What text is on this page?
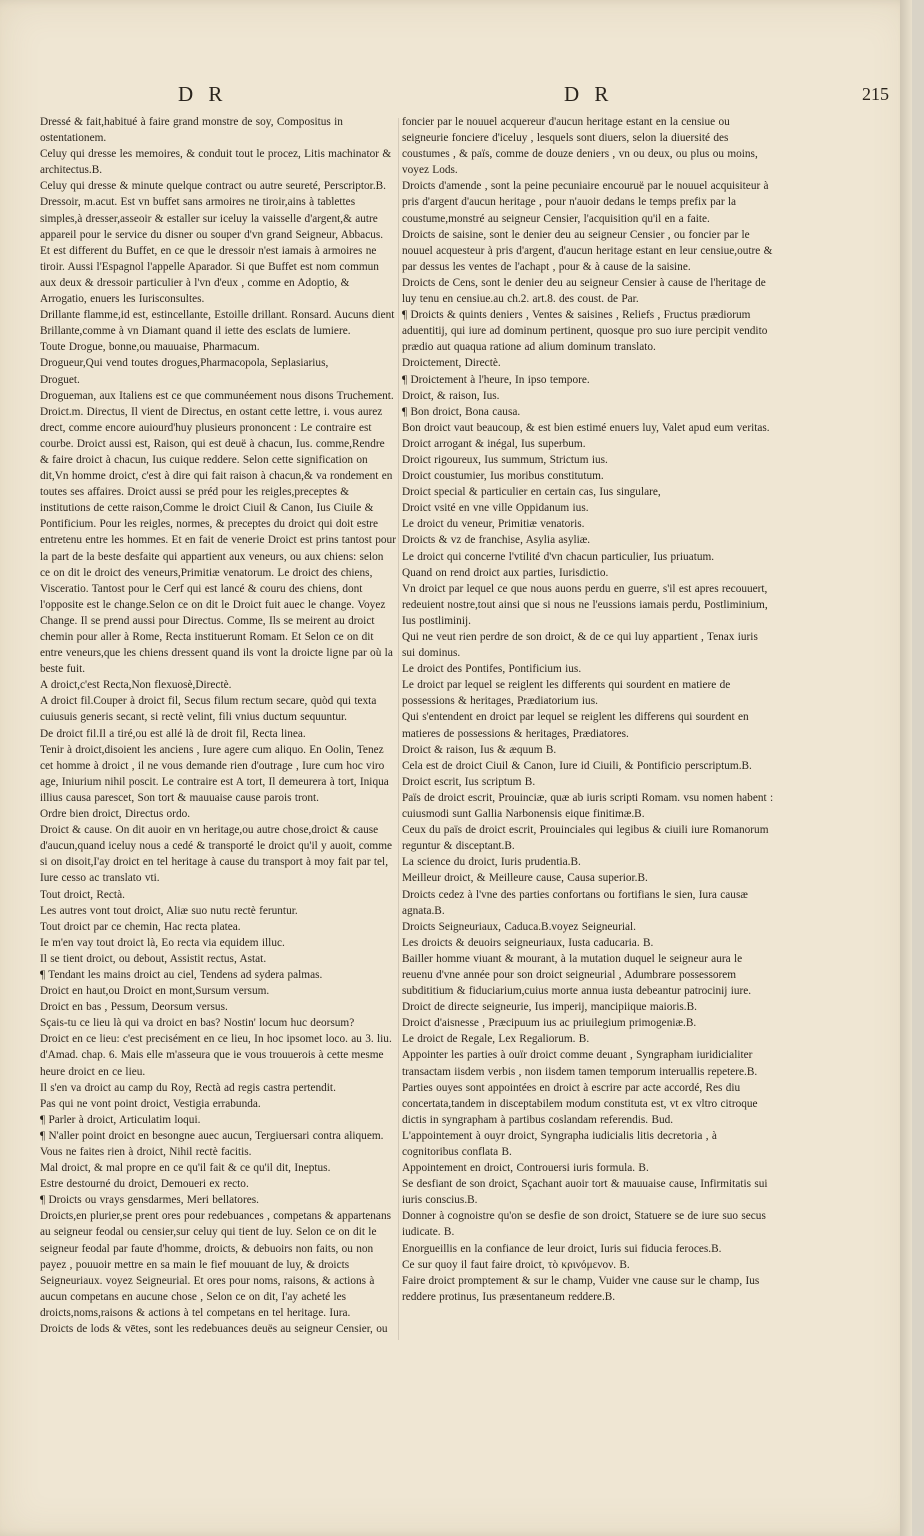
D R	D R	215

Dressé & fait,habitué à faire grand monstre de soy, Compositus in ostentationem.

Celuy qui dresse les memoires, & conduit tout le procez, Litis machinator & architectus.B.

Celuy qui dresse & minute quelque contract ou autre seureté, Perscriptor.B.

Dressoir, m.acut. Est vn buffet sans armoires ne tiroir,ains à tablettes simples,à dresser,asseoir & estaller sur iceluy la vaisselle d'argent,& autre appareil pour le service du disner ou souper d'vn grand Seigneur, Abbacus. Et est different du Buffet, en ce que le dressoir n'est iamais à armoires ne tiroir. Aussi l'Espagnol l'appelle Aparador. Si que Buffet est nom commun aux deux & dressoir particulier à l'vn d'eux , comme en Adoptio, & Arrogatio, enuers les Iurisconsultes.

Drillante flamme,id est, estincellante, Estoille drillant. Ronsard. Aucuns dient Brillante,comme à vn Diamant quand il iette des esclats de lumiere.

Toute Drogue, bonne,ou mauuaise, Pharmacum.

Drogueur,Qui vend toutes drogues,Pharmacopola, Seplasiarius,

Droguet.

Drogueman, aux Italiens est ce que communéement nous disons Truchement.

Droict.m. Directus, Il vient de Directus, en ostant cette lettre, i. vous aurez drect, comme encore auiourd'huy plusieurs prononcent : Le contraire est courbe. Droict aussi est, Raison, qui est deuë à chacun, Ius. comme,Rendre & faire droict à chacun, Ius cuique reddere. Selon cette signification on dit,Vn homme droict, c'est à dire qui fait raison à chacun,& va rondement en toutes ses affaires. Droict aussi se préd pour les reigles,preceptes & institutions de cette raison,Comme le droict Ciuil & Canon, Ius Ciuile & Pontificium. Pour les reigles, normes, & preceptes du droict qui doit estre entretenu entre les hommes. Et en fait de venerie Droict est prins tantost pour la part de la beste desfaite qui appartient aux veneurs, ou aux chiens: selon ce on dit le droict des veneurs,Primitiæ venatorum. Le droict des chiens, Visceratio. Tantost pour le Cerf qui est lancé & couru des chiens, dont l'opposite est le change.Selon ce on dit le Droict fuit auec le change. Voyez Change. Il se prend aussi pour Directus. Comme, Ils se meirent au droict chemin pour aller à Rome, Recta instituerunt Romam. Et Selon ce on dit entre veneurs,que les chiens dressent quand ils vont la droicte ligne par où la beste fuit.

A droict,c'est Recta,Non flexuosè,Directè.

A droict fil.Couper à droict fil, Secus filum rectum secare, quòd qui texta cuiusuis generis secant, si rectè velint, fili vnius ductum sequuntur.

De droict fil.Il a tiré,ou est allé là de droit fil, Recta linea.

Tenir à droict,disoient les anciens , Iure agere cum aliquo. En Oolin, Tenez cet homme à droict , il ne vous demande rien d'outrage , Iure cum hoc viro age, Iniurium nihil poscit. Le contraire est A tort, Il demeurera à tort, Iniqua illius causa parescet, Son tort & mauuaise cause parois tront.

Ordre bien droict, Directus ordo.

Droict & cause. On dit auoir en vn heritage,ou autre chose,droict & cause d'aucun,quand iceluy nous a cedé & transporté le droict qu'il y auoit, comme si on disoit,I'ay droict en tel heritage à cause du transport à moy fait par tel, Iure cesso ac translato vti.

Tout droict, Rectà.

Les autres vont tout droict, Aliæ suo nutu rectè feruntur.

Tout droict par ce chemin, Hac recta platea.

Ie m'en vay tout droict là, Eo recta via equidem illuc.

Il se tient droict, ou debout, Assistit rectus, Astat.

¶ Tendant les mains droict au ciel, Tendens ad sydera palmas.

Droict en haut,ou Droict en mont,Sursum versum.

Droict en bas , Pessum, Deorsum versus.

Sçais-tu ce lieu là qui va droict en bas? Nostin' locum huc deorsum?

Droict en ce lieu: c'est precisément en ce lieu, In hoc ipsomet loco. au 3. liu. d'Amad. chap. 6. Mais elle m'asseura que ie vous trouuerois à cette mesme heure droict en ce lieu.

Il s'en va droict au camp du Roy, Rectà ad regis castra pertendit.

Pas qui ne vont point droict, Vestigia errabunda.

¶ Parler à droict, Articulatim loqui.

¶ N'aller point droict en besongne auec aucun, Tergiuersari contra aliquem.

Vous ne faites rien à droict, Nihil rectè facitis.

Mal droict, & mal propre en ce qu'il fait & ce qu'il dit, Ineptus.

Estre destourné du droict, Demoueri ex recto.

¶ Droicts ou vrays gensdarmes, Meri bellatores.

Droicts,en plurier,se prent ores pour redebuances , competans & appartenans au seigneur feodal ou censier,sur celuy qui tient de luy. Selon ce on dit le seigneur feodal par faute d'homme, droicts, & debuoirs non faits, ou non payez , pouuoir mettre en sa main le fief mouuant de luy, & droicts Seigneuriaux. voyez Seigneurial. Et ores pour noms, raisons, & actions à aucun competans en aucune chose , Selon ce on dit, I'ay acheté les droicts,noms,raisons & actions à tel competans en tel heritage. Iura.

Droicts de lods & vētes, sont les redebuances deuës au seigneur Censier, ou

foncier par le nouuel acquereur d'aucun heritage estant en la censiue ou seigneurie fonciere d'iceluy , lesquels sont diuers, selon la diuersité des coustumes , & païs, comme de douze deniers , vn ou deux, ou plus ou moins, voyez Lods.

Droicts d'amende , sont la peine pecuniaire encouruë par le nouuel acquisiteur à pris d'argent d'aucun heritage , pour n'auoir dedans le temps prefix par la coustume,monstré au seigneur Censier, l'acquisition qu'il en a faite.

Droicts de saisine, sont le denier deu au seigneur Censier , ou foncier par le nouuel acquesteur à pris d'argent, d'aucun heritage estant en leur censiue,outre & par dessus les ventes de l'achapt , pour & à cause de la saisine.

Droicts de Cens, sont le denier deu au seigneur Censier à cause de l'heritage de luy tenu en censiue.au ch.2. art.8. des coust. de Par.

¶ Droicts & quints deniers , Ventes & saisines , Reliefs , Fructus prædiorum aduentitij, qui iure ad dominum pertinent, quosque pro suo iure percipit vendito prædio aut quaqua ratione ad alium dominum translato.

Droictement, Directè.

¶ Droictement à l'heure, In ipso tempore.

Droict, & raison, Ius.

¶ Bon droict, Bona causa.

Bon droict vaut beaucoup, & est bien estimé enuers luy, Valet apud eum veritas.

Droict arrogant & inégal, Ius superbum.

Droict rigoureux, Ius summum, Strictum ius.

Droict coustumier, Ius moribus constitutum.

Droict special & particulier en certain cas, Ius singulare,

Droict vsité en vne ville Oppidanum ius.

Le droict du veneur, Primitiæ venatoris.

Droicts & vz de franchise, Asylia asyliæ.

Le droict qui concerne l'vtilité d'vn chacun particulier, Ius priuatum.

Quand on rend droict aux parties, Iurisdictio.

Vn droict par lequel ce que nous auons perdu en guerre, s'il est apres recouuert, redeuient nostre,tout ainsi que si nous ne l'eussions iamais perdu, Postliminium, Ius postliminij.

Qui ne veut rien perdre de son droict, & de ce qui luy appartient , Tenax iuris sui dominus.

Le droict des Pontifes, Pontificium ius.

Le droict par lequel se reiglent les differents qui sourdent en matiere de possessions & heritages, Prædiatorium ius.

Qui s'entendent en droict par lequel se reiglent les differens qui sourdent en matieres de possessions & heritages, Prædiatores.

Droict & raison, Ius & æquum B.

Cela est de droict Ciuil & Canon, Iure id Ciuili, & Pontificio perscriptum.B.

Droict escrit, Ius scriptum B.

Païs de droict escrit, Prouinciæ, quæ ab iuris scripti Romam. vsu nomen habent : cuiusmodi sunt Gallia Narbonensis eique finitimæ.B.

Ceux du païs de droict escrit, Prouinciales qui legibus & ciuili iure Romanorum reguntur & disceptant.B.

La science du droict, Iuris prudentia.B.

Meilleur droict, & Meilleure cause, Causa superior.B.

Droicts cedez à l'vne des parties confortans ou fortifians le sien, Iura causæ agnata.B.

Droicts Seigneuriaux, Caduca.B.voyez Seigneurial.

Les droicts & deuoirs seigneuriaux, Iusta caducaria. B.

Bailler homme viuant & mourant, à la mutation duquel le seigneur aura le reuenu d'vne année pour son droict seigneurial , Adumbrare possessorem subdititium & fiduciarium,cuius morte annua iusta debeantur patrocinij iure.

Droict de directe seigneurie, Ius imperij, mancipiique maioris.B.

Droict d'aisnesse , Præcipuum ius ac priuilegium primogeniæ.B.

Le droict de Regale, Lex Regaliorum. B.

Appointer les parties à ouïr droict comme deuant , Syngrapham iuridicialiter transactam iisdem verbis , non iisdem tamen temporum interuallis repetere.B.

Parties ouyes sont appointées en droict à escrire par acte accordé, Res diu concertata,tandem in disceptabilem modum constituta est, vt ex vltro citroque dictis in syngrapham à partibus coslandam referendis. Bud.

L'appointement à ouyr droict, Syngrapha iudicialis litis decretoria , à cognitoribus conflata B.

Appointement en droict, Controuersi iuris formula. B.

Se desfiant de son droict, Sçachant auoir tort & mauuaise cause, Infirmitatis sui iuris conscius.B.

Donner à cognoistre qu'on se desfie de son droict, Statuere se de iure suo secus iudicate. B.

Enorgueillis en la confiance de leur droict, Iuris sui fiducia feroces.B.

Ce sur quoy il faut faire droict, τὸ κρινόμενον. B.

Faire droict promptement & sur le champ, Vuider vne cause sur le champ, Ius reddere protinus, Ius præsentaneum reddere.B.
